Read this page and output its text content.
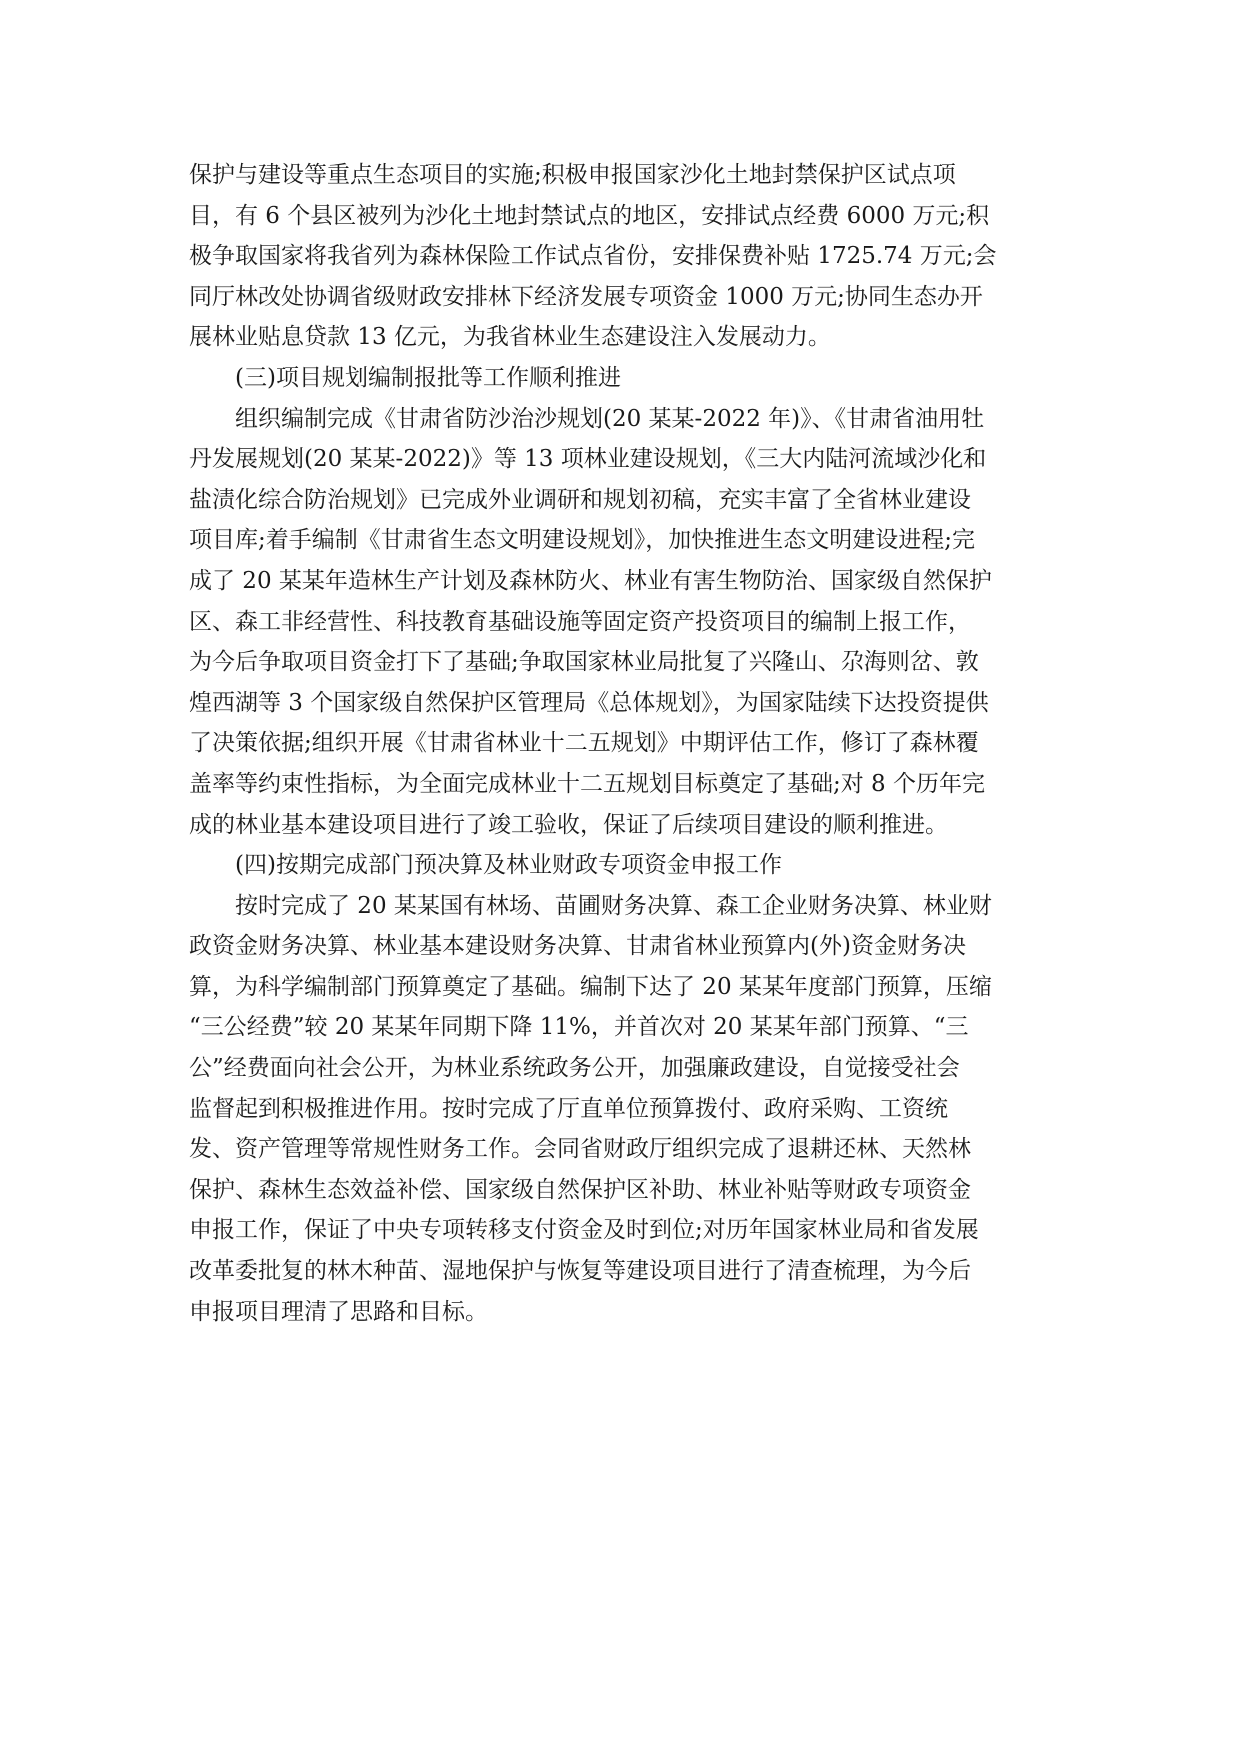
保护与建设等重点生态项目的实施;积极申报国家沙化土地封禁保护区试点项
目，有 6 个县区被列为沙化土地封禁试点的地区，安排试点经费 6000 万元;积
极争取国家将我省列为森林保险工作试点省份，安排保费补贴 1725.74 万元;会
同厅林改处协调省级财政安排林下经济发展专项资金 1000 万元;协同生态办开
展林业贴息贷款 13 亿元，为我省林业生态建设注入发展动力。
(三)项目规划编制报批等工作顺利推进
组织编制完成《甘肃省防沙治沙规划(20 某某-2022 年)》、《甘肃省油用牡
丹发展规划(20 某某-2022)》等 13 项林业建设规划，《三大内陆河流域沙化和
盐渍化综合防治规划》已完成外业调研和规划初稿，充实丰富了全省林业建设
项目库;着手编制《甘肃省生态文明建设规划》，加快推进生态文明建设进程;完
成了 20 某某年造林生产计划及森林防火、林业有害生物防治、国家级自然保护
区、森工非经营性、科技教育基础设施等固定资产投资项目的编制上报工作，
为今后争取项目资金打下了基础;争取国家林业局批复了兴隆山、尕海则岔、敦
煌西湖等 3 个国家级自然保护区管理局《总体规划》，为国家陆续下达投资提供
了决策依据;组织开展《甘肃省林业十二五规划》中期评估工作，修订了森林覆
盖率等约束性指标，为全面完成林业十二五规划目标奠定了基础;对 8 个历年完
成的林业基本建设项目进行了竣工验收，保证了后续项目建设的顺利推进。
(四)按期完成部门预决算及林业财政专项资金申报工作
按时完成了 20 某某国有林场、苗圃财务决算、森工企业财务决算、林业财
政资金财务决算、林业基本建设财务决算、甘肃省林业预算内(外)资金财务决
算，为科学编制部门预算奠定了基础。编制下达了 20 某某年度部门预算，压缩
“三公经费”较 20 某某年同期下降 11%，并首次对 20 某某年部门预算、“三
公”经费面向社会公开，为林业系统政务公开，加强廉政建设，自觉接受社会
监督起到积极推进作用。按时完成了厅直单位预算拨付、政府采购、工资统
发、资产管理等常规性财务工作。会同省财政厅组织完成了退耕还林、天然林
保护、森林生态效益补偿、国家级自然保护区补助、林业补贴等财政专项资金
申报工作，保证了中央专项转移支付资金及时到位;对历年国家林业局和省发展
改革委批复的林木种苗、湿地保护与恢复等建设项目进行了清查梳理，为今后
申报项目理清了思路和目标。
